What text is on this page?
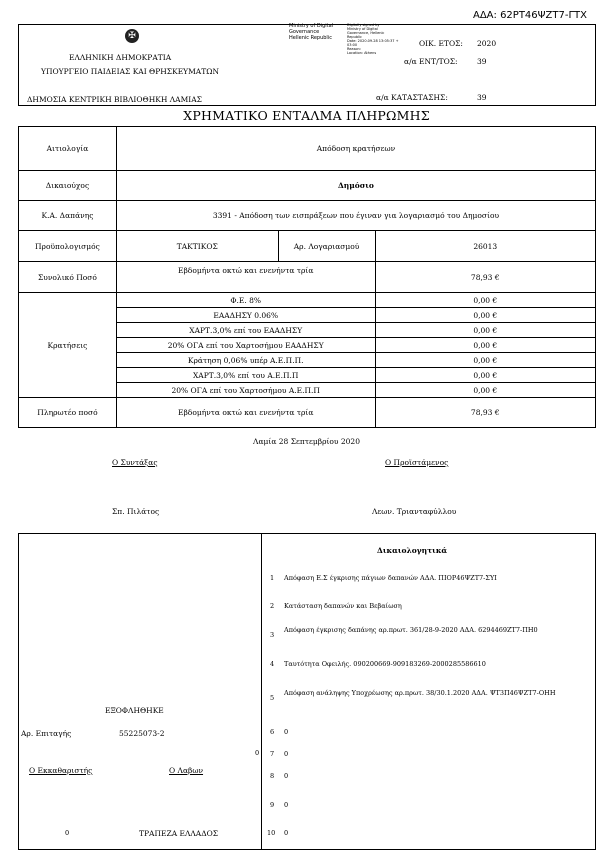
ΑΔΑ: 62ΡΤ46ΨΖΤ7-ΓΤΧ
✠
ΕΛΛΗΝΙΚΗ ΔΗΜΟΚΡΑΤΙΑ
ΥΠΟΥΡΓΕΙΟ ΠΑΙΔΕΙΑΣ ΚΑΙ ΘΡΗΣΚΕΥΜΑΤΩΝ
ΔΗΜΟΣΙΑ ΚΕΝΤΡΙΚΗ ΒΙΒΛΙΟΘΗΚΗ ΛΑΜΙΑΣ
Ministry of Digital
Governance
Hellenic Republic
Digitally signed by
Ministry of Digital
Governance, Hellenic
Republic
Date: 2020.09.28 13:05:37 +
03:00
Reason:
Location: Athens
ΟΙΚ. ΕΤΟΣ: 2020
α/α ΕΝΤ/ΤΟΣ:	39
α/α ΚΑΤΑΣΤΑΣΗΣ:	39
ΧΡΗΜΑΤΙΚΟ ΕΝΤΑΛΜΑ ΠΛΗΡΩΜΗΣ
Αιτιολογία	Απόδοση κρατήσεων		
Δικαιούχος	Δημόσιο		
Κ.Α. Δαπάνης	3391 - Απόδοση των εισπράξεων που έγιναν για λογαριασμό του Δημοσίου		
Προϋπολογισμός	ΤΑΚΤΙΚΟΣ	Αρ. Λογαριασμού	26013
Συνολικό Ποσό	Εβδομήντα οκτώ και ενενήντα τρία		78,93 €
Κρατήσεις	Φ.Ε. 8%		0,00 €
	ΕΑΑΔΗΣΥ 0.06%		0,00 €
	ΧΑΡΤ.3,0% επί του ΕΑΑΔΗΣΥ		0,00 €
	20% ΟΓΑ επί του Χαρτοσήμου ΕΑΑΔΗΣΥ		0,00 €
	Κράτηση 0,06% υπέρ Α.Ε.Π.Π.		0,00 €
	ΧΑΡΤ.3,0% επί του Α.Ε.Π.Π		0,00 €
	20% ΟΓΑ επί του Χαρτοσήμου Α.Ε.Π.Π		0,00 €
Πληρωτέο ποσό	Εβδομήντα οκτώ και ενενήντα τρία		78,93 €
Λαμία 28 Σεπτεμβρίου 2020
Ο Συντάξας	Ο Προϊστάμενος
Σπ. Πιλάτος	Λεων. Τριανταφύλλου
ΕΞΟΦΛΗΘΗΚΕ
Αρ. Επιταγής	55225073-2
0
Ο Εκκαθαριστής	Ο Λαβων
0	ΤΡΑΠΕΖΑ ΕΛΛΑΔΟΣ
Δικαιολογητικά
1 Απόφαση Ε.Σ έγκρισης πάγιων δαπανών ΑΔΑ. ΠΙΟΡ46ΨΖΤ7-ΣΥΙ
2 Κατάσταση δαπανών και Βεβαίωση
3
Απόφαση έγκρισης δαπάνης αρ.πρωτ. 361/28-9-2020 ΑΔΑ. 6294469ΖΤ7-ΠΗ0
4 Ταυτότητα Οφειλής. 090200669-909183269-2000285586610
5
Απόφαση ανάληψης Υποχρέωσης αρ.πρωτ. 38/30.1.2020 ΑΔΑ. ΨΤ3Π46ΨΖΤ7-ΟΗΗ
6 0
7 0
8 0
9 0
10 0
